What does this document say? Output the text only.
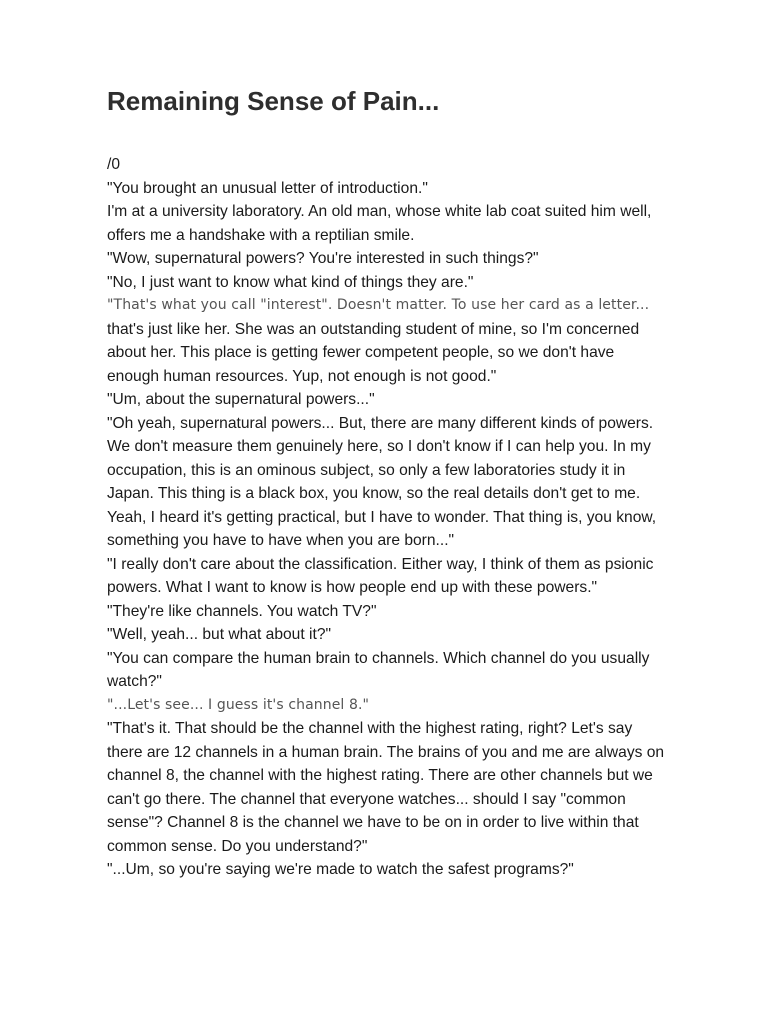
Remaining Sense of Pain...

/0

"You brought an unusual letter of introduction."

I'm at a university laboratory. An old man, whose white lab coat suited him well, offers me a handshake with a reptilian smile.

"Wow, supernatural powers? You're interested in such things?"

"No, I just want to know what kind of things they are."

"That's what you call "interest". Doesn't matter. To use her card as a letter...

that's just like her. She was an outstanding student of mine, so I'm concerned about her. This place is getting fewer competent people, so we don't have enough human resources. Yup, not enough is not good."

"Um, about the supernatural powers..."

"Oh yeah, supernatural powers... But, there are many different kinds of powers. We don't measure them genuinely here, so I don't know if I can help you. In my occupation, this is an ominous subject, so only a few laboratories study it in Japan. This thing is a black box, you know, so the real details don't get to me. Yeah, I heard it's getting practical, but I have to wonder. That thing is, you know, something you have to have when you are born..."

"I really don't care about the classification. Either way, I think of them as psionic powers. What I want to know is how people end up with these powers."

"They're like channels. You watch TV?"

"Well, yeah... but what about it?"

"You can compare the human brain to channels. Which channel do you usually watch?"

"...Let's see... I guess it's channel 8."

"That's it. That should be the channel with the highest rating, right? Let's say there are 12 channels in a human brain. The brains of you and me are always on channel 8, the channel with the highest rating. There are other channels but we can't go there. The channel that everyone watches... should I say "common sense"? Channel 8 is the channel we have to be on in order to live within that common sense. Do you understand?"

"...Um, so you're saying we're made to watch the safest programs?"
